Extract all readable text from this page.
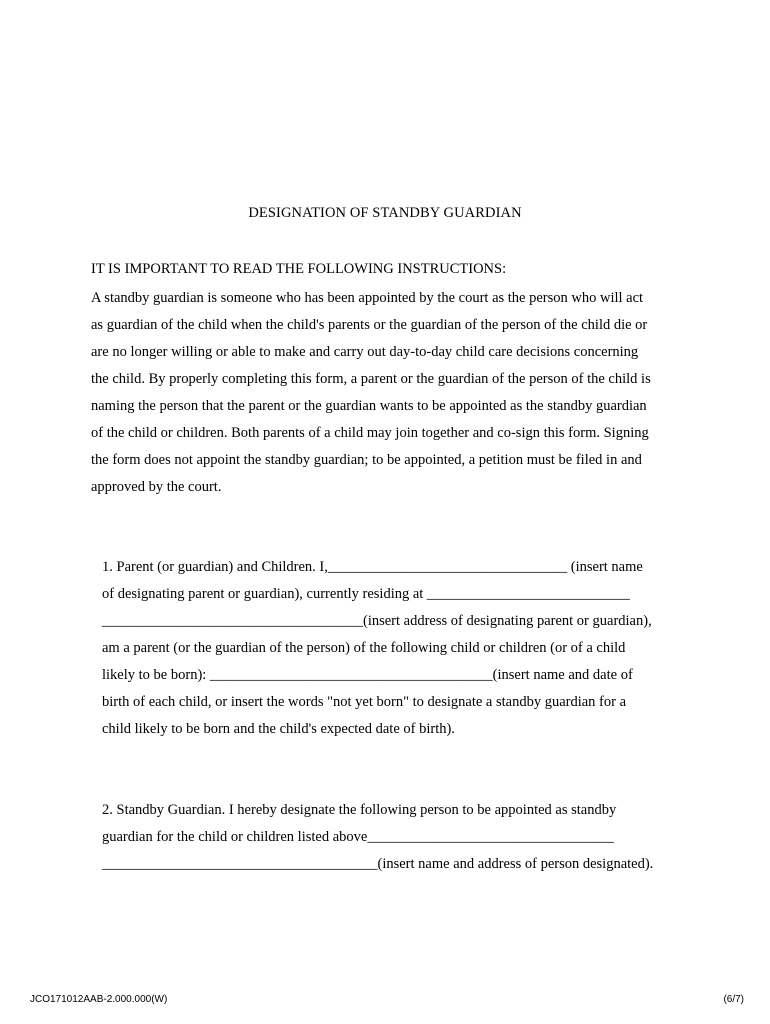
DESIGNATION OF STANDBY GUARDIAN
IT IS IMPORTANT TO READ THE FOLLOWING INSTRUCTIONS:
A standby guardian is someone who has been appointed by the court as the person who will act
as guardian of the child when the child's parents or the guardian of the person of the child die or
are no longer willing or able to make and carry out day-to-day child care decisions concerning
the child. By properly completing this form, a parent or the guardian of the person of the child is
naming the person that the parent or the guardian wants to be appointed as the standby guardian
of the child or children. Both parents of a child may join together and co-sign this form. Signing
the form does not appoint the standby guardian; to be appointed, a petition must be filed in and
approved by the court.
1. Parent (or guardian) and Children. I,_________________________________ (insert name
of designating parent or guardian), currently residing at ____________________________
____________________________________(insert address of designating parent or guardian),
am a parent (or the guardian of the person) of the following child or children (or of a child
likely to be born): _______________________________________(insert name and date of
birth of each child, or insert the words "not yet born" to designate a standby guardian for a
child likely to be born and the child's expected date of birth).
2. Standby Guardian. I hereby designate the following person to be appointed as standby
guardian for the child or children listed above__________________________________
______________________________________(insert name and address of person designated).
JCO171012AAB-2.000.000(W)	(6/7)
